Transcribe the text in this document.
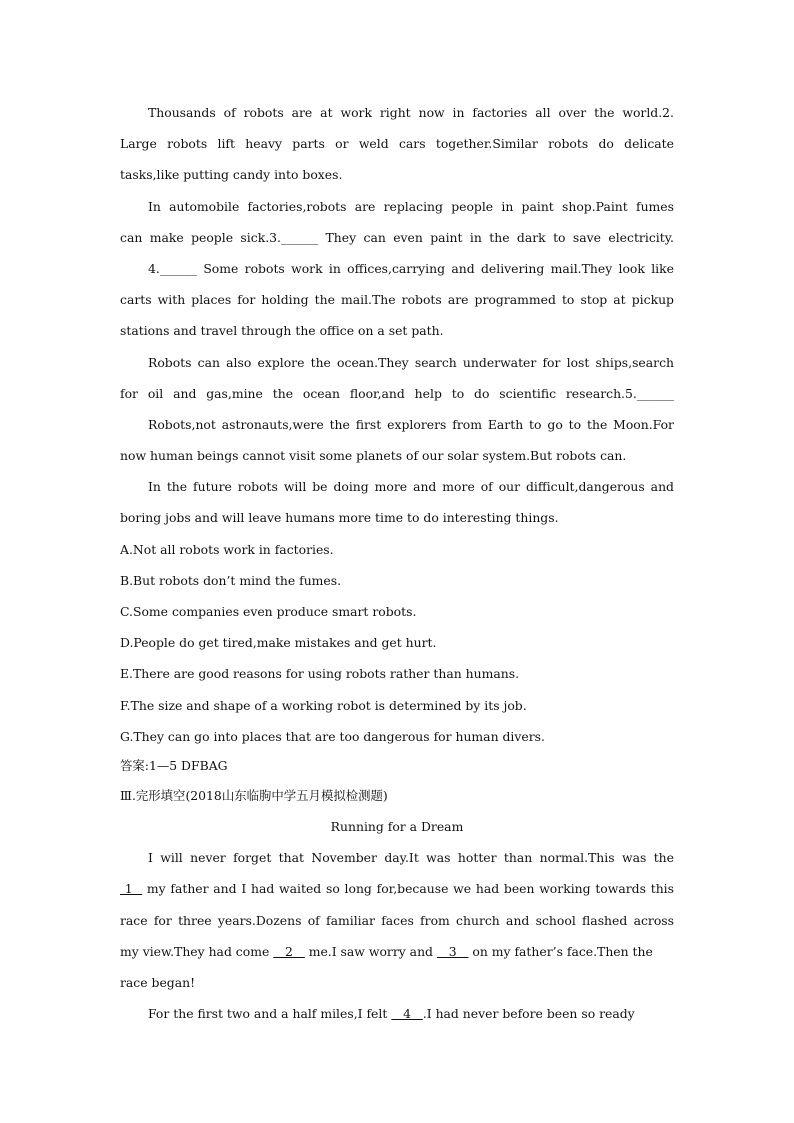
Thousands of robots are at work right now in factories all over the world.2.
Large robots lift heavy parts or weld cars together.Similar robots do delicate
tasks,like putting candy into boxes.
In automobile factories,robots are replacing people in paint shop.Paint fumes
can make people sick.3.______ They can even paint in the dark to save electricity.
4.______ Some robots work in offices,carrying and delivering mail.They look like
carts with places for holding the mail.The robots are programmed to stop at pickup
stations and travel through the office on a set path.
Robots can also explore the ocean.They search underwater for lost ships,search
for oil and gas,mine the ocean floor,and help to do scientific research.5.______
Robots,not astronauts,were the first explorers from Earth to go to the Moon.For
now human beings cannot visit some planets of our solar system.But robots can.
In the future robots will be doing more and more of our difficult,dangerous and
boring jobs and will leave humans more time to do interesting things.
A.Not all robots work in factories.
B.But robots don’t mind the fumes.
C.Some companies even produce smart robots.
D.People do get tired,make mistakes and get hurt.
E.There are good reasons for using robots rather than humans.
F.The size and shape of a working robot is determined by its job.
G.They can go into places that are too dangerous for human divers.
答案:1—5 DFBAG
Ⅲ.完形填空(2018山东临朐中学五月模拟检测题)
Running for a Dream
I will never forget that November day.It was hotter than normal.This was the
1   my father and I had waited so long for,because we had been working towards this
race for three years.Dozens of familiar faces from church and school flashed across
my view.They had come    2    me.I saw worry and    3    on my father’s face.Then the
race began!
For the first two and a half miles,I felt    4   .I had never before been so ready
